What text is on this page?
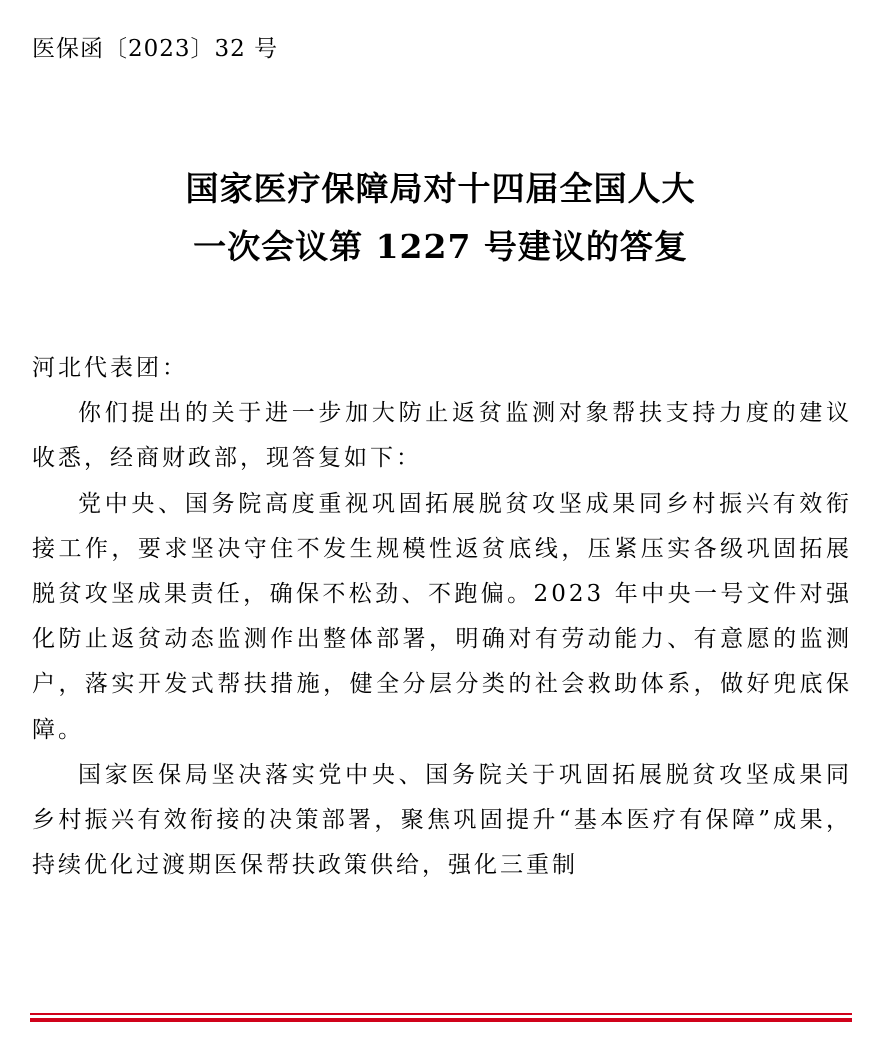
医保函〔2023〕32 号
国家医疗保障局对十四届全国人大
一次会议第 1227 号建议的答复

河北代表团：

你们提出的关于进一步加大防止返贫监测对象帮扶支持力度的建议收悉，经商财政部，现答复如下：

党中央、国务院高度重视巩固拓展脱贫攻坚成果同乡村振兴有效衔接工作，要求坚决守住不发生规模性返贫底线，压紧压实各级巩固拓展脱贫攻坚成果责任，确保不松劲、不跑偏。2023 年中央一号文件对强化防止返贫动态监测作出整体部署，明确对有劳动能力、有意愿的监测户，落实开发式帮扶措施，健全分层分类的社会救助体系，做好兜底保障。

国家医保局坚决落实党中央、国务院关于巩固拓展脱贫攻坚成果同乡村振兴有效衔接的决策部署，聚焦巩固提升“基本医疗有保障”成果，持续优化过渡期医保帮扶政策供给，强化三重制
